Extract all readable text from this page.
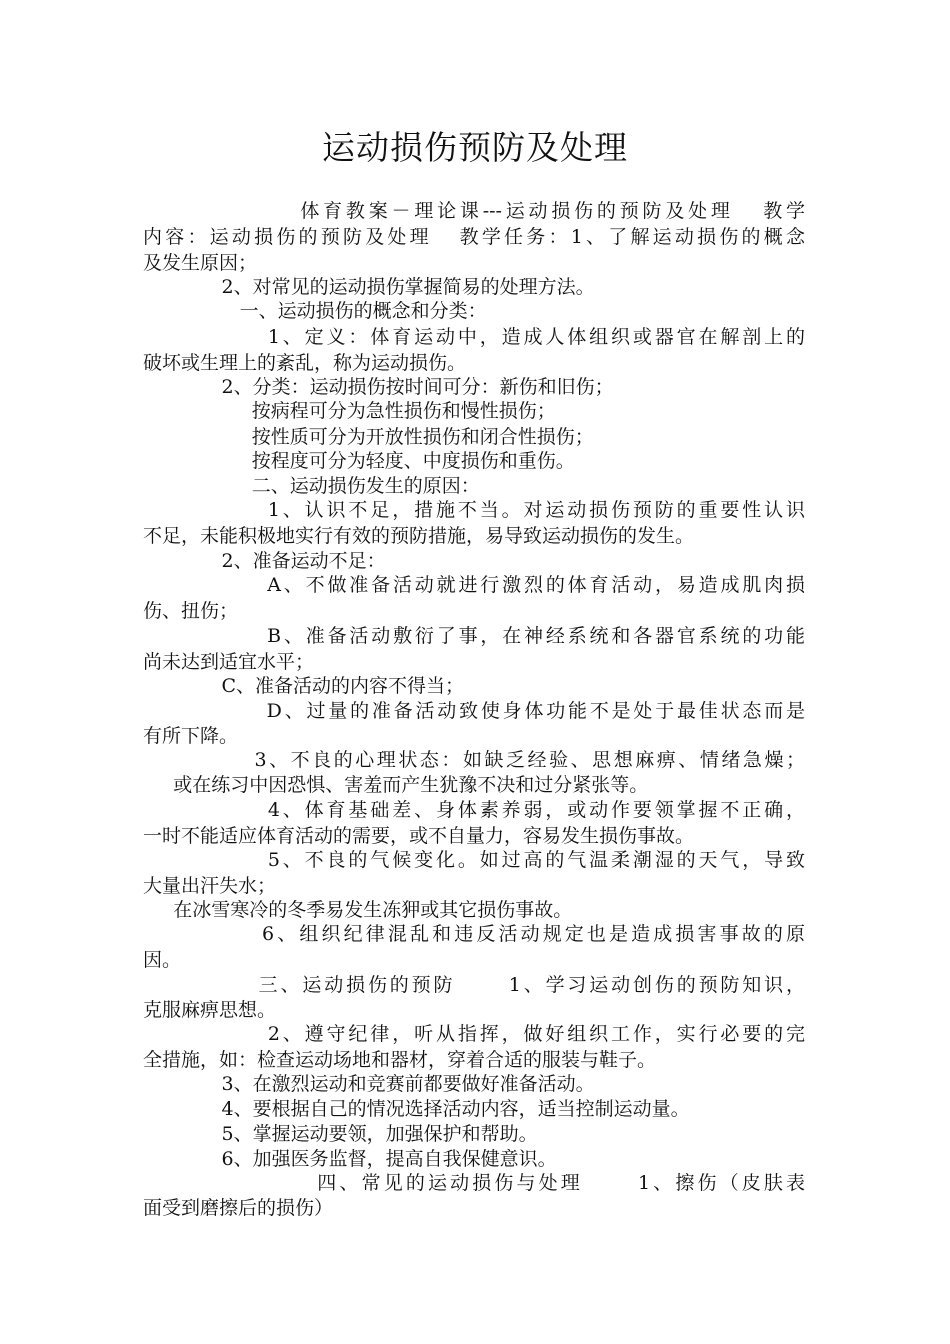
运动损伤预防及处理
体育教案－理论课---运动损伤的预防及处理   教学
内容：运动损伤的预防及处理   教学任务：1、了解运动损伤的概念
及发生原因；
2、对常见的运动损伤掌握简易的处理方法。
一、运动损伤的概念和分类：
1、定义：体育运动中，造成人体组织或器官在解剖上的
破坏或生理上的紊乱，称为运动损伤。
2、分类：运动损伤按时间可分：新伤和旧伤；
按病程可分为急性损伤和慢性损伤；
按性质可分为开放性损伤和闭合性损伤；
按程度可分为轻度、中度损伤和重伤。
二、运动损伤发生的原因：
1、认识不足，措施不当。对运动损伤预防的重要性认识
不足，未能积极地实行有效的预防措施，易导致运动损伤的发生。
2、准备运动不足：
A、不做准备活动就进行激烈的体育活动，易造成肌肉损
伤、扭伤；
B、准备活动敷衍了事，在神经系统和各器官系统的功能
尚未达到适宜水平；
C、准备活动的内容不得当；
D、过量的准备活动致使身体功能不是处于最佳状态而是
有所下降。
3、不良的心理状态：如缺乏经验、思想麻痹、情绪急燥；
或在练习中因恐惧、害羞而产生犹豫不决和过分紧张等。
4、体育基础差、身体素养弱，或动作要领掌握不正确，
一时不能适应体育活动的需要，或不自量力，容易发生损伤事故。
5、不良的气候变化。如过高的气温柔潮湿的天气，导致
大量出汗失水；
在冰雪寒冷的冬季易发生冻狎或其它损伤事故。
6、组织纪律混乱和违反活动规定也是造成损害事故的原
因。
三、运动损伤的预防      1、学习运动创伤的预防知识，
克服麻痹思想。
2、遵守纪律，听从指挥，做好组织工作，实行必要的完
全措施，如：检查运动场地和器材，穿着合适的服装与鞋子。
3、在激烈运动和竞赛前都要做好准备活动。
4、要根据自己的情况选择活动内容，适当控制运动量。
5、掌握运动要领，加强保护和帮助。
6、加强医务监督，提高自我保健意识。
四、常见的运动损伤与处理      1、擦伤（皮肤表
面受到磨擦后的损伤）
